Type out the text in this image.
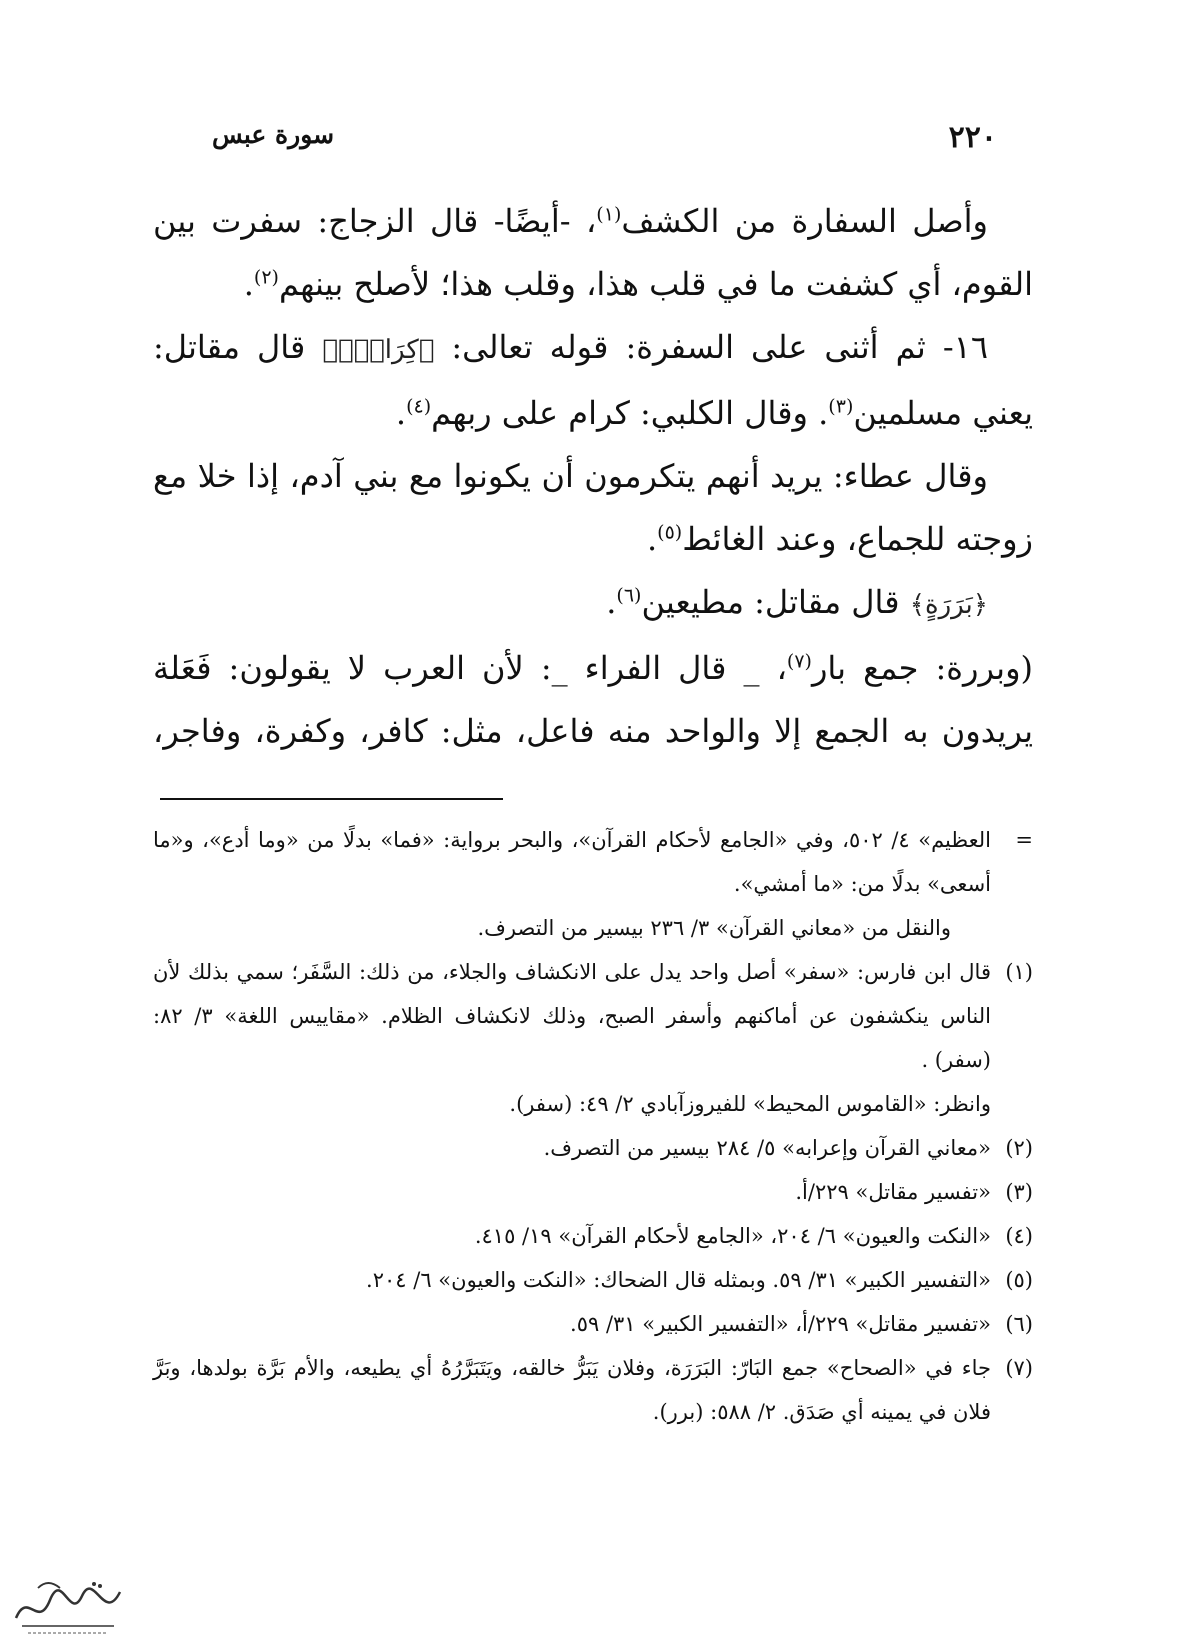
٢٢٠
سورة عبس

وأصل السفارة من الكشف$^{(١)}$، -أيضًا- قال الزجاج: سفرت بين القوم، أي كشفت ما في قلب هذا، وقلب هذا؛ لأصلح بينهم$^{(٢)}$.

١٦- ثم أثنى على السفرة: قوله تعالى: ﴿كِرَامِۭ﴾ قال مقاتل: يعني مسلمين$^{(٣)}$. وقال الكلبي: كرام على ربهم$^{(٤)}$.

وقال عطاء: يريد أنهم يتكرمون أن يكونوا مع بني آدم، إذا خلا مع زوجته للجماع، وعند الغائط$^{(٥)}$.

﴿بَرَرَةٍ﴾ قال مقاتل: مطيعين$^{(٦)}$.

(وبررة: جمع بار$^{(٧)}$، _ قال الفراء _: لأن العرب لا يقولون: فَعَلة يريدون به الجمع إلا والواحد منه فاعل، مثل: كافر، وكفرة، وفاجر،

=
العظيم» ٤/ ٥٠٢، وفي «الجامع لأحكام القرآن»، والبحر برواية: «فما» بدلًا من «وما أدع»، و«ما أسعى» بدلًا من: «ما أمشي».
والنقل من «معاني القرآن» ٣/ ٢٣٦ بيسير من التصرف.
(١)
قال ابن فارس: «سفر» أصل واحد يدل على الانكشاف والجلاء، من ذلك: السَّفَر؛ سمي بذلك لأن الناس ينكشفون عن أماكنهم وأسفر الصبح، وذلك لانكشاف الظلام. «مقاييس اللغة» ٣/ ٨٢: (سفر) .
وانظر: «القاموس المحيط» للفيروزآبادي ٢/ ٤٩: (سفر).
(٢)
«معاني القرآن وإعرابه» ٥/ ٢٨٤ بيسير من التصرف.
(٣)
«تفسير مقاتل» ٢٢٩/أ.
(٤)
«النكت والعيون» ٦/ ٢٠٤، «الجامع لأحكام القرآن» ١٩/ ٤١٥.
(٥)
«التفسير الكبير» ٣١/ ٥٩. وبمثله قال الضحاك: «النكت والعيون» ٦/ ٢٠٤.
(٦)
«تفسير مقاتل» ٢٢٩/أ، «التفسير الكبير» ٣١/ ٥٩.
(٧)
جاء في «الصحاح» جمع البَارّ: البَرَرَة، وفلان يَبَرُّ خالقه، ويَتَبَرَّرُهُ أي يطيعه، والأم بَرَّة بولدها، وبَرَّ فلان في يمينه أي صَدَق. ٢/ ٥٨٨: (برر).
